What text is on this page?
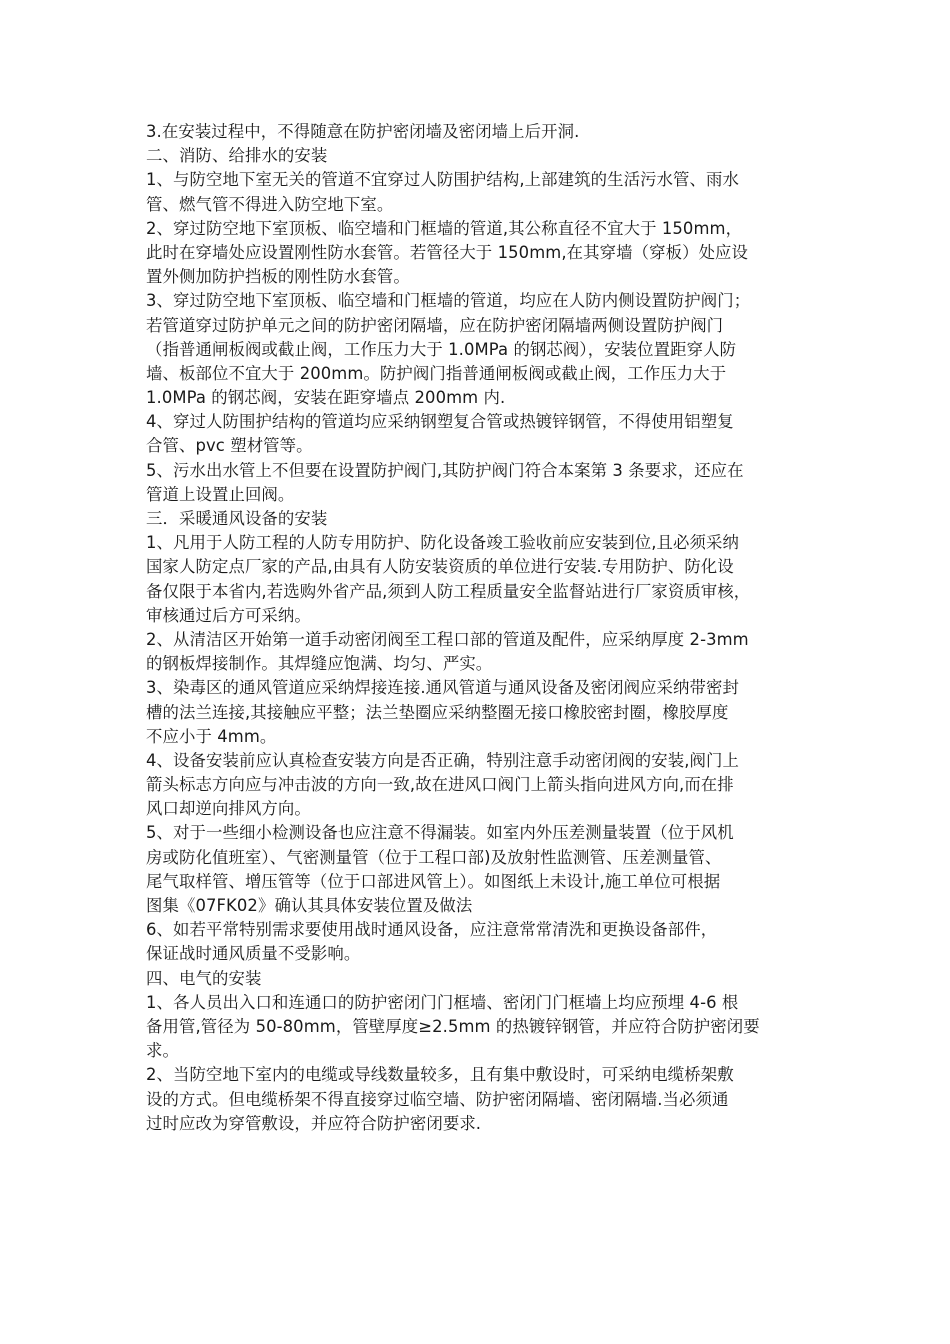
3.在安装过程中，不得随意在防护密闭墙及密闭墙上后开洞.
二、消防、给排水的安装
1、与防空地下室无关的管道不宜穿过人防围护结构,上部建筑的生活污水管、雨水
管、燃气管不得进入防空地下室。
2、穿过防空地下室顶板、临空墙和门框墙的管道,其公称直径不宜大于 150mm，
此时在穿墙处应设置刚性防水套管。若管径大于 150mm,在其穿墙（穿板）处应设
置外侧加防护挡板的刚性防水套管。
3、穿过防空地下室顶板、临空墙和门框墙的管道，均应在人防内侧设置防护阀门；
若管道穿过防护单元之间的防护密闭隔墙，应在防护密闭隔墙两侧设置防护阀门
（指普通闸板阀或截止阀，工作压力大于 1.0MPa 的钢芯阀），安装位置距穿人防
墙、板部位不宜大于 200mm。防护阀门指普通闸板阀或截止阀，工作压力大于
1.0MPa 的钢芯阀，安装在距穿墙点 200mm 内.
4、穿过人防围护结构的管道均应采纳钢塑复合管或热镀锌钢管，不得使用铝塑复
合管、pvc 塑材管等。
5、污水出水管上不但要在设置防护阀门,其防护阀门符合本案第 3 条要求，还应在
管道上设置止回阀。
三．采暖通风设备的安装
1、凡用于人防工程的人防专用防护、防化设备竣工验收前应安装到位,且必须采纳
国家人防定点厂家的产品,由具有人防安装资质的单位进行安装.专用防护、防化设
备仅限于本省内,若选购外省产品,须到人防工程质量安全监督站进行厂家资质审核，
审核通过后方可采纳。
2、从清洁区开始第一道手动密闭阀至工程口部的管道及配件，应采纳厚度 2-3mm
的钢板焊接制作。其焊缝应饱满、均匀、严实。
3、染毒区的通风管道应采纳焊接连接.通风管道与通风设备及密闭阀应采纳带密封
槽的法兰连接,其接触应平整；法兰垫圈应采纳整圈无接口橡胶密封圈，橡胶厚度
不应小于 4mm。
4、设备安装前应认真检查安装方向是否正确，特别注意手动密闭阀的安装,阀门上
箭头标志方向应与冲击波的方向一致,故在进风口阀门上箭头指向进风方向,而在排
风口却逆向排风方向。
5、对于一些细小检测设备也应注意不得漏装。如室内外压差测量装置（位于风机
房或防化值班室）、气密测量管（位于工程口部)及放射性监测管、压差测量管、
尾气取样管、增压管等（位于口部进风管上）。如图纸上未设计,施工单位可根据
图集《07FK02》确认其具体安装位置及做法
6、如若平常特别需求要使用战时通风设备，应注意常常清洗和更换设备部件，
保证战时通风质量不受影响。
四、电气的安装
1、各人员出入口和连通口的防护密闭门门框墙、密闭门门框墙上均应预埋 4-6 根
备用管,管径为 50-80mm，管壁厚度≥2.5mm 的热镀锌钢管，并应符合防护密闭要
求。
2、当防空地下室内的电缆或导线数量较多，且有集中敷设时，可采纳电缆桥架敷
设的方式。但电缆桥架不得直接穿过临空墙、防护密闭隔墙、密闭隔墙.当必须通
过时应改为穿管敷设，并应符合防护密闭要求.
